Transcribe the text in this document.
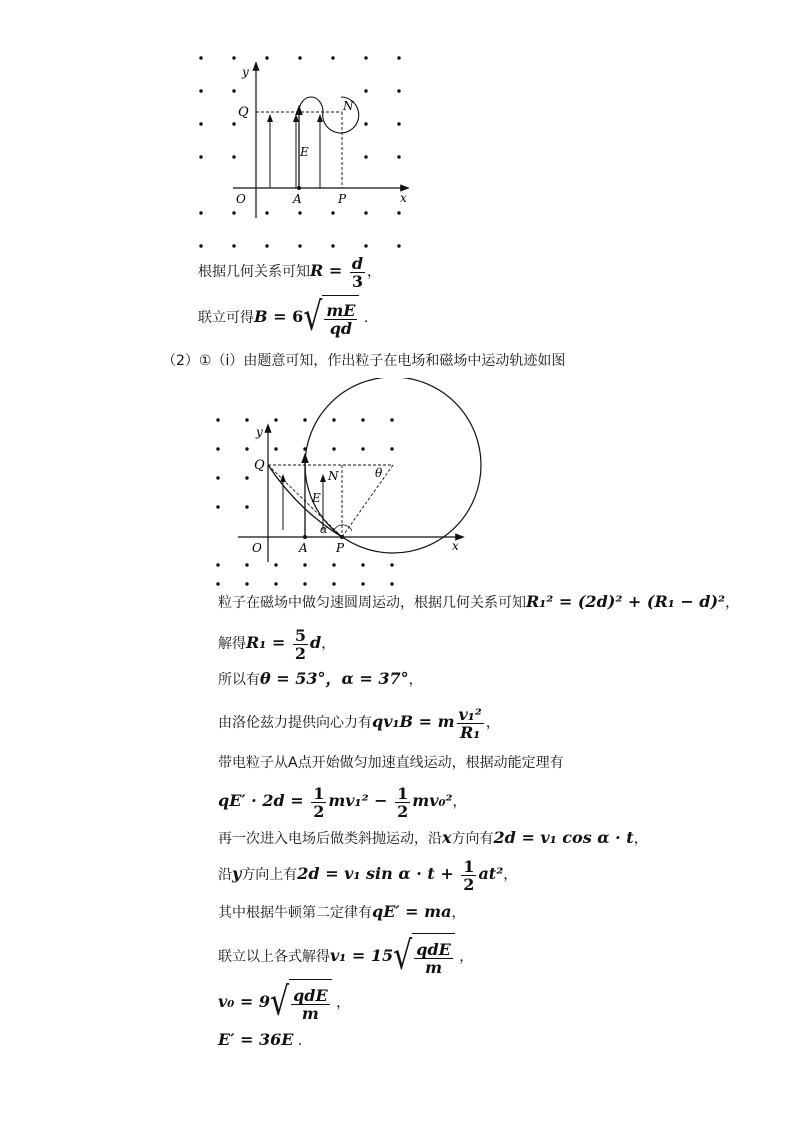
y
Q	N
E
O	A	P	x
根据几何关系可知$R = \frac{d}{3}$ ，
联立可得$B = 6√ \frac{mE}{qd}$ .
（2）①（ⅰ）由题意可知，作出粒子在电场和磁场中运动轨迹如图
y
Q
N	θ
E
α
O	A P	x
粒子在磁场中做匀速圆周运动，根据几何关系可知R₁² = (2d)² + (R₁ − d)²，
解得$R_1 = \frac{5}{2}$ d，
所以有θ = 53°，α = 37°，
由洛伦兹力提供向心力有qv₁B = m $\frac{\text{v₁²}}{\text{R₁}}$ ，
带电粒子从A点开始做匀加速直线运动，根据动能定理有
$qE' \cdot 2d = \frac{1}{2} mv_1^2 - \frac{1}{2} mv_0^2$，
再一次进入电场后做类斜抛运动，沿x方向有2d = v₁ cos α · t，
沿y方向上有2d = v₁ $\sin \alpha \cdot t + \frac{1}{2} at^2$，
其中根据牛顿第二定律有qE′ = ma，
联立以上各式解得$v_1 = 15√ \frac{\text{qdE}}{m}$ ，
$v_0 = 9√ \frac{\text{qdE}}{m}$ ，
E′ = 36E .
